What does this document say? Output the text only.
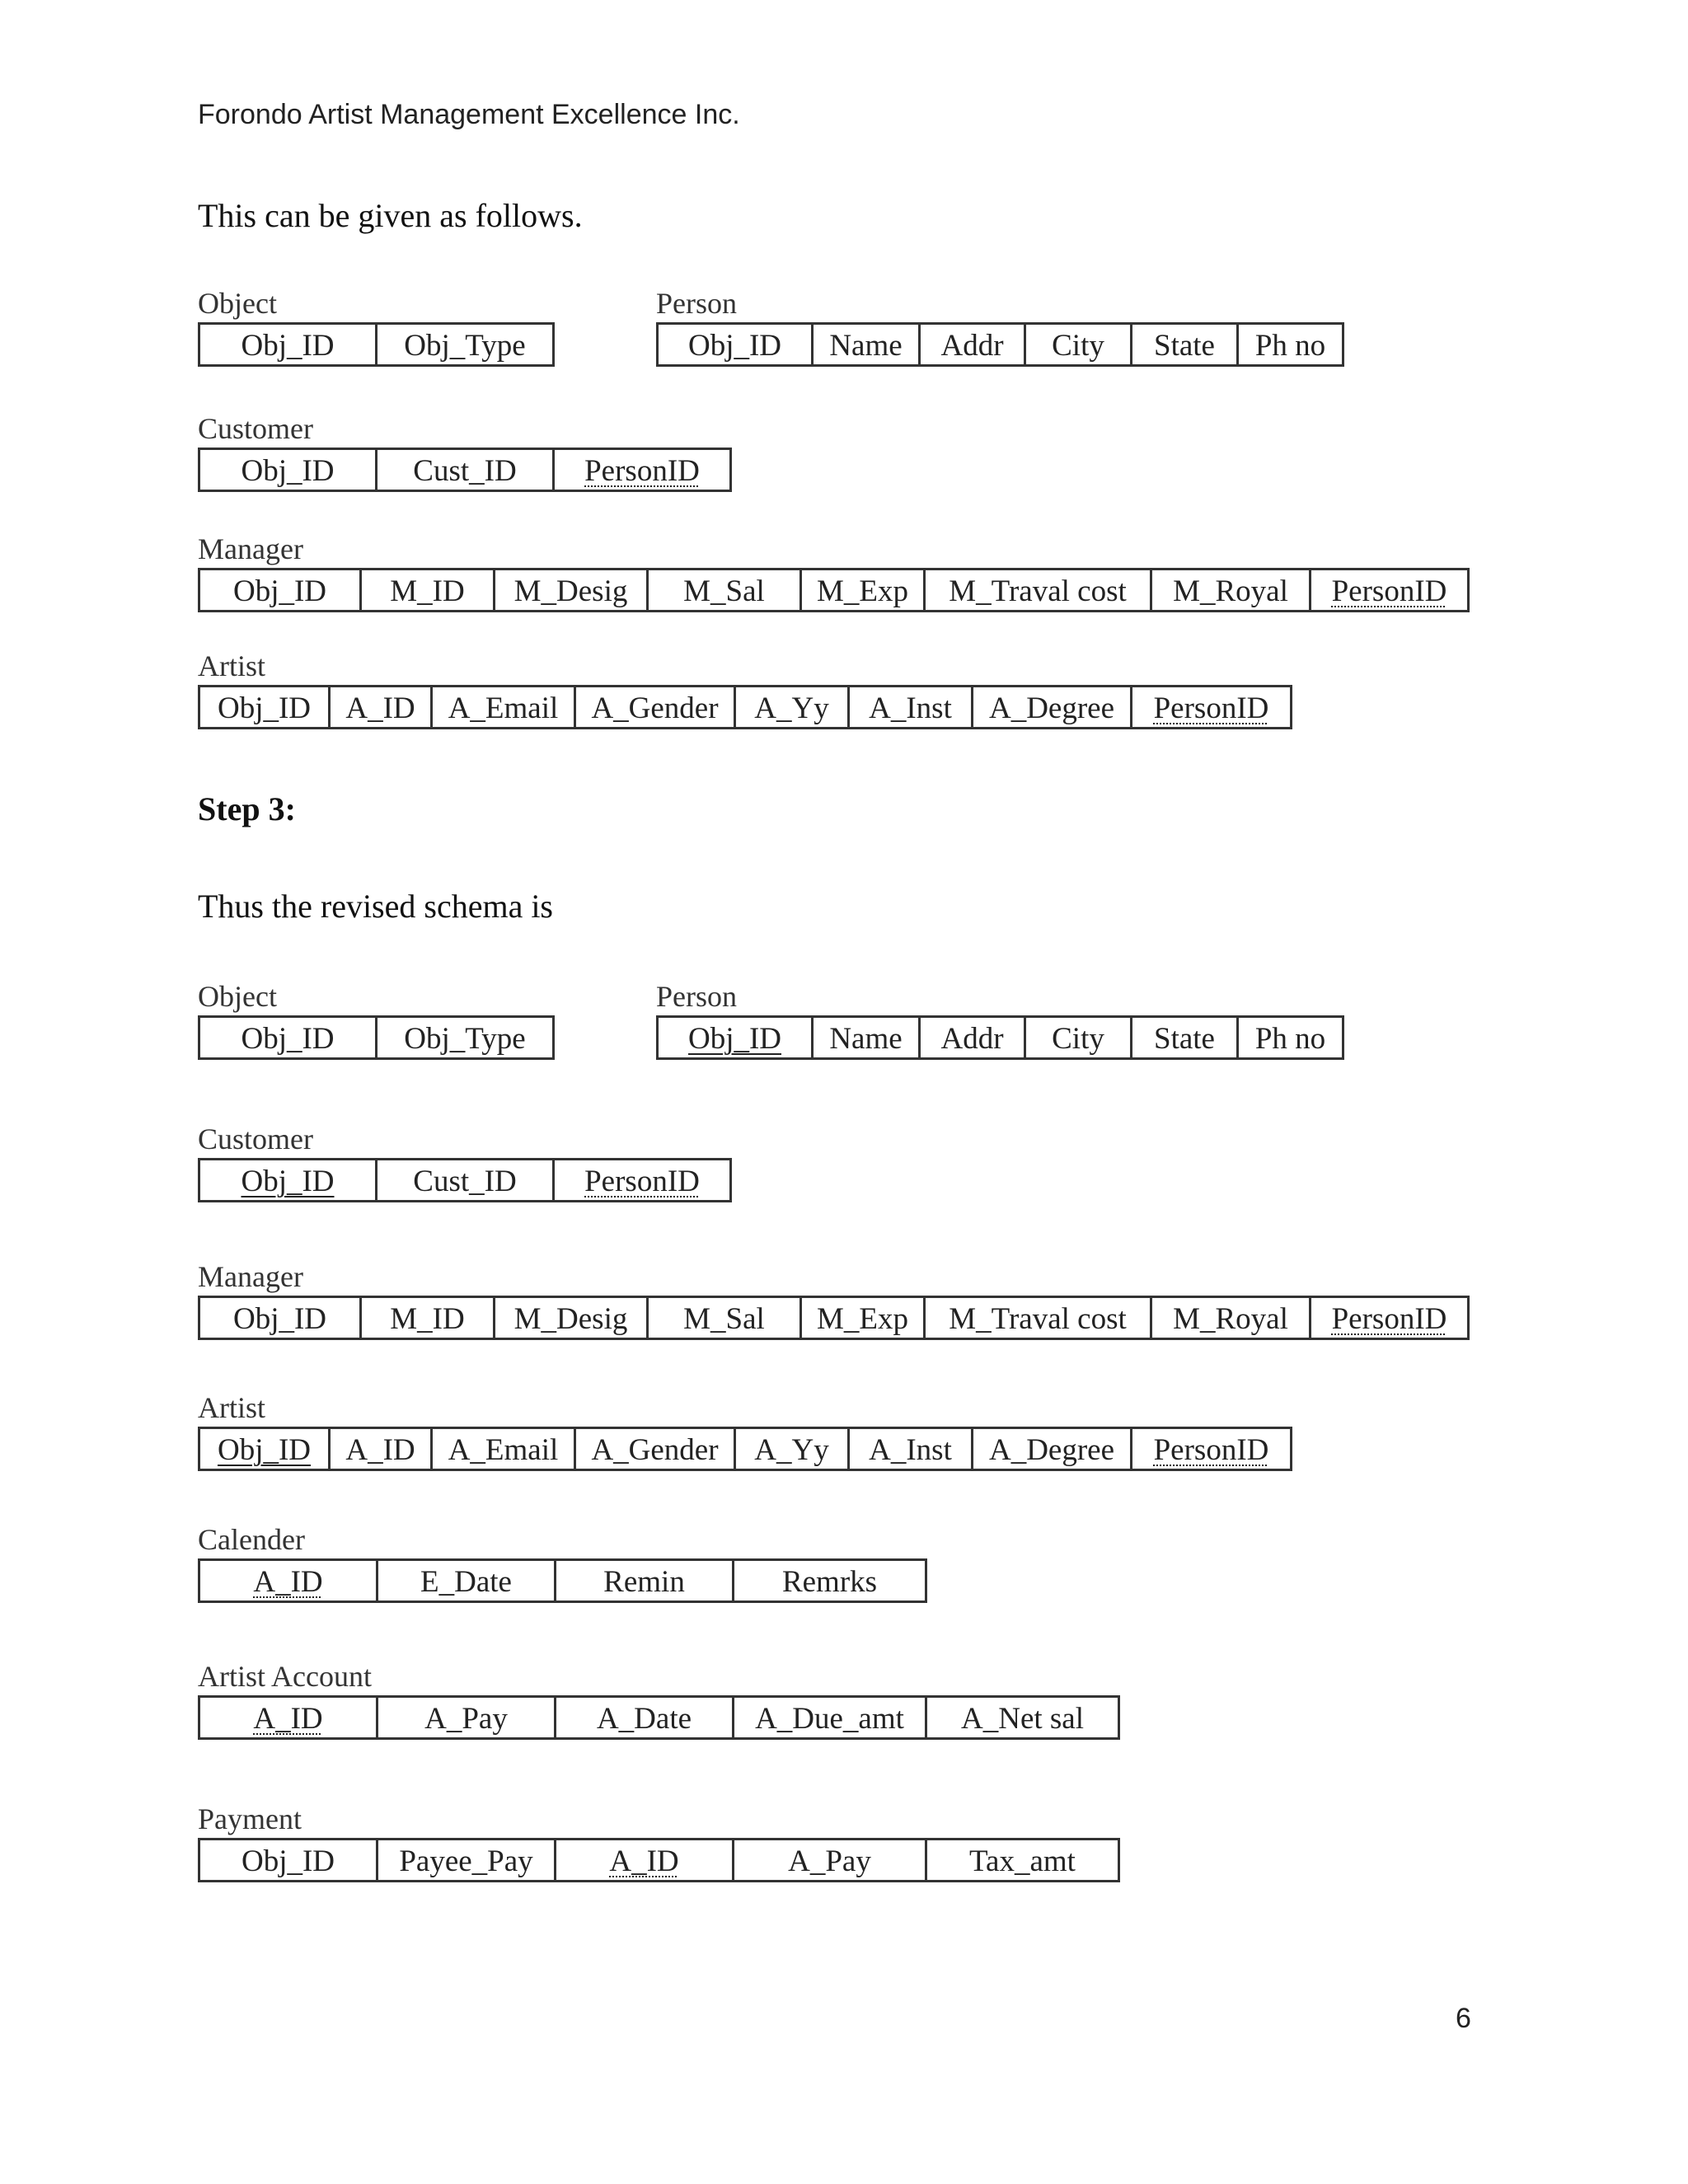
Forondo Artist Management Excellence Inc.
This can be given as follows.
Object
Obj_ID	Obj_Type
Person
Obj_ID	Name	Addr	City	State	Ph no
Customer
Obj_ID	Cust_ID	PersonID
Manager
Obj_ID	M_ID	M_Desig	M_Sal	M_Exp	M_Traval cost	M_Royal	PersonID
Artist
Obj_ID	A_ID	A_Email	A_Gender	A_Yy	A_Inst	A_Degree	PersonID
Step 3:
Thus the revised schema is
Object
Obj_ID	Obj_Type
Person
Obj_ID	Name	Addr	City	State	Ph no
Customer
Obj_ID	Cust_ID	PersonID
Manager
Obj_ID	M_ID	M_Desig	M_Sal	M_Exp	M_Traval cost	M_Royal	PersonID
Artist
Obj_ID	A_ID	A_Email	A_Gender	A_Yy	A_Inst	A_Degree	PersonID
Calender
A_ID	E_Date	Remin	Remrks
Artist Account
A_ID	A_Pay	A_Date	A_Due_amt	A_Net sal
Payment
Obj_ID	Payee_Pay	A_ID	A_Pay	Tax_amt
6
